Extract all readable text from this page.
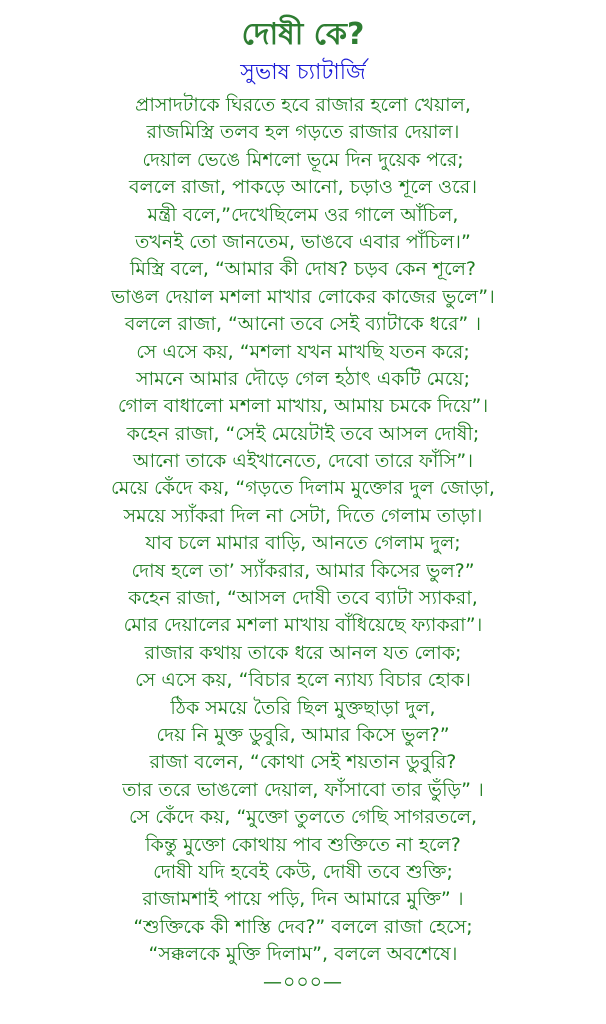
দোষী কে?
সুভাষ চ্যাটার্জি
প্রাসাদটাকে ঘিরতে হবে রাজার হলো খেয়াল,
রাজমিস্ত্রি তলব হল গড়তে রাজার দেয়াল।
দেয়াল ভেঙে মিশলো ভূমে দিন দুয়েক পরে;
বললে রাজা, পাকড়ে আনো, চড়াও শূলে ওরে।
মন্ত্রী বলে,”দেখেছিলেম ওর গালে আঁচিল,
তখনই তো জানতেম, ভাঙবে এবার পাঁচিল।”
মিস্ত্রি বলে, “আমার কী দোষ? চড়ব কেন শূলে?
ভাঙল দেয়াল মশলা মাখার লোকের কাজের ভুলে”।
বললে রাজা, “আনো তবে সেই ব্যাটাকে ধরে” ।
সে এসে কয়, “মশলা যখন মাখছি যতন করে;
সামনে আমার দৌড়ে গেল হঠাৎ একটি মেয়ে;
গোল বাধালো মশলা মাখায়, আমায় চমকে দিয়ে”।
কহেন রাজা, “সেই মেয়েটাই তবে আসল দোষী;
আনো তাকে এইখানেতে, দেবো তারে ফাঁসি”।
মেয়ে কেঁদে কয়, “গড়তে দিলাম মুক্তোর দুল জোড়া,
সময়ে স্যাঁকরা দিল না সেটা, দিতে গেলাম তাড়া।
যাব চলে মামার বাড়ি, আনতে গেলাম দুল;
দোষ হলে তা’ স্যাঁকরার, আমার কিসের ভুল?”
কহেন রাজা, “আসল দোষী তবে ব্যাটা স্যাকরা,
মোর দেয়ালের মশলা মাখায় বাঁধিয়েছে ফ্যাকরা”।
রাজার কথায় তাকে ধরে আনল যত লোক;
সে এসে কয়, “বিচার হলে ন্যায্য বিচার হোক।
ঠিক সময়ে তৈরি ছিল মুক্তছাড়া দুল,
দেয় নি মুক্ত ডুবুরি, আমার কিসে ভুল?”
রাজা বলেন, “কোথা সেই শয়তান ডুবুরি?
তার তরে ভাঙলো দেয়াল, ফাঁসাবো তার ভুঁড়ি” ।
সে কেঁদে কয়, “মুক্তো তুলতে গেছি সাগরতলে,
কিন্তু মুক্তো কোথায় পাব শুক্তিতে না হলে?
দোষী যদি হবেই কেউ, দোষী তবে শুক্তি;
রাজামশাই পায়ে পড়ি, দিন আমারে মুক্তি” ।
“শুক্তিকে কী শাস্তি দেব?” বললে রাজা হেসে;
“সক্কলকে মুক্তি দিলাম”, বললে অবশেষে।
—০০০—
